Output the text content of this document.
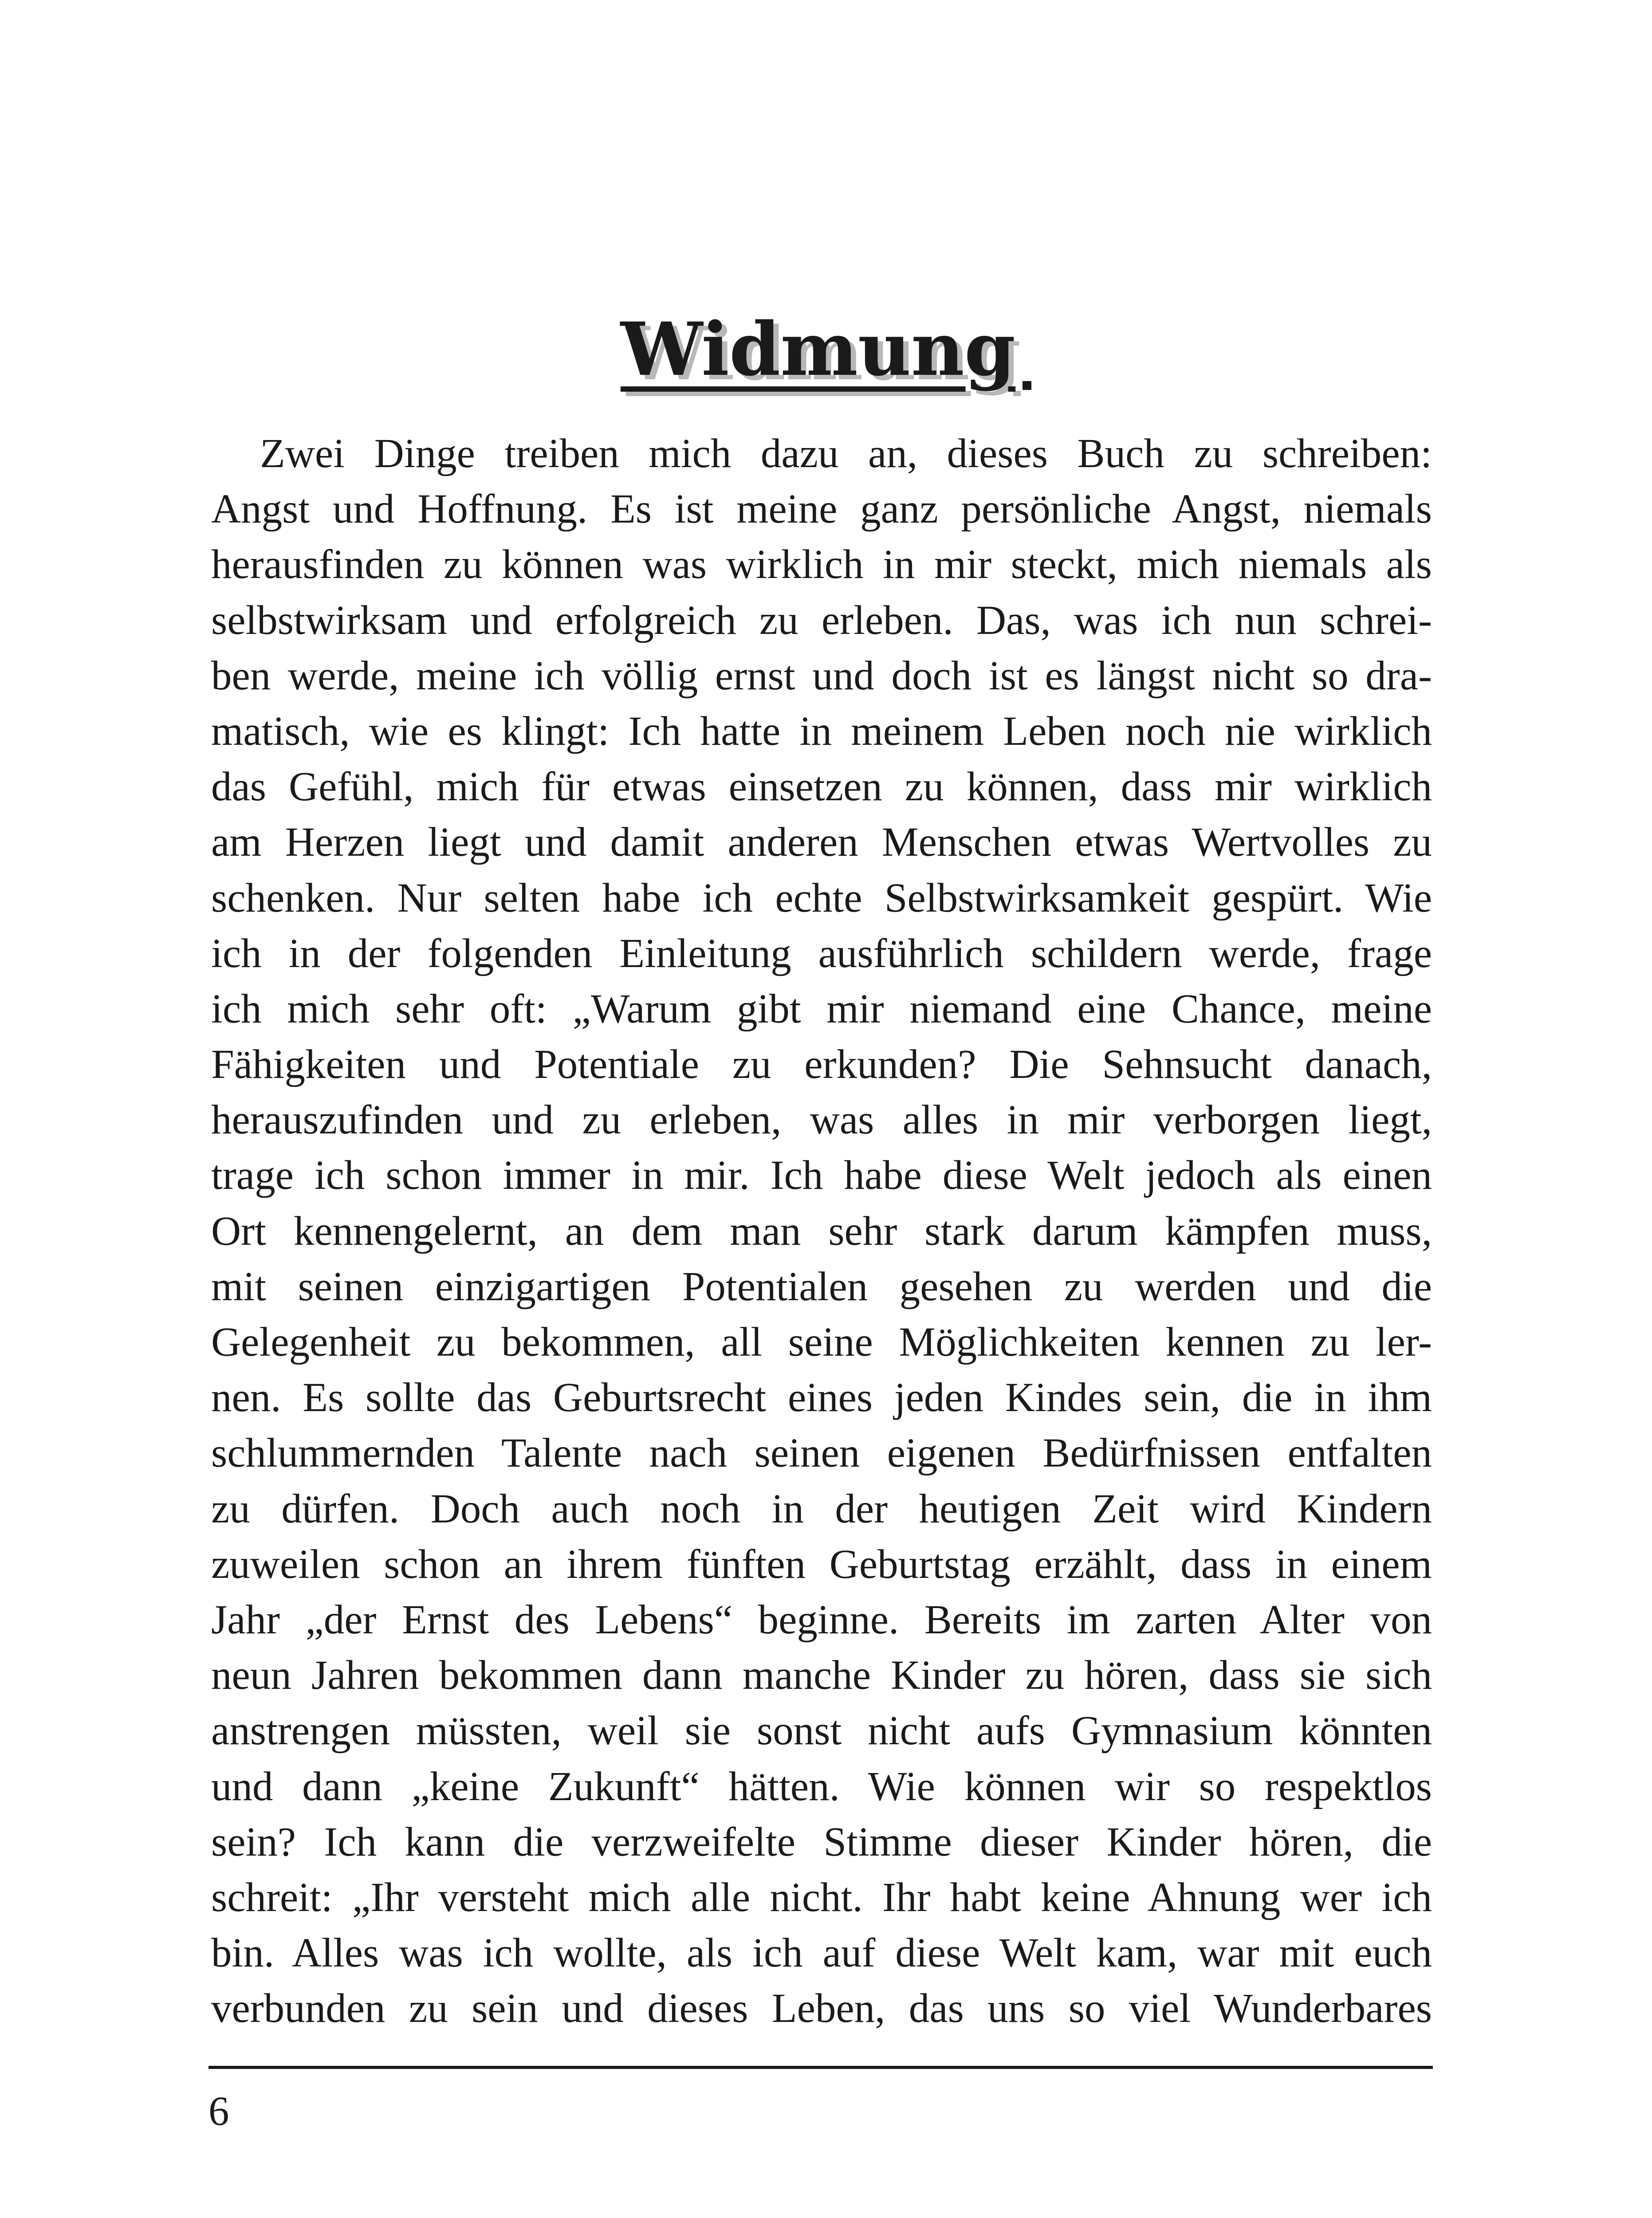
Widmung
Zwei Dinge treiben mich dazu an, dieses Buch zu schreiben:
Angst und Hoffnung. Es ist meine ganz persönliche Angst, niemals
herausfinden zu können was wirklich in mir steckt, mich niemals als
selbstwirksam und erfolgreich zu erleben. Das, was ich nun schrei-
ben werde, meine ich völlig ernst und doch ist es längst nicht so dra-
matisch, wie es klingt: Ich hatte in meinem Leben noch nie wirklich
das Gefühl, mich für etwas einsetzen zu können, dass mir wirklich
am Herzen liegt und damit anderen Menschen etwas Wertvolles zu
schenken. Nur selten habe ich echte Selbstwirksamkeit gespürt. Wie
ich in der folgenden Einleitung ausführlich schildern werde, frage
ich mich sehr oft: „Warum gibt mir niemand eine Chance, meine
Fähigkeiten und Potentiale zu erkunden? Die Sehnsucht danach,
herauszufinden und zu erleben, was alles in mir verborgen liegt,
trage ich schon immer in mir. Ich habe diese Welt jedoch als einen
Ort kennengelernt, an dem man sehr stark darum kämpfen muss,
mit seinen einzigartigen Potentialen gesehen zu werden und die
Gelegenheit zu bekommen, all seine Möglichkeiten kennen zu ler-
nen. Es sollte das Geburtsrecht eines jeden Kindes sein, die in ihm
schlummernden Talente nach seinen eigenen Bedürfnissen entfalten
zu dürfen. Doch auch noch in der heutigen Zeit wird Kindern
zuweilen schon an ihrem fünften Geburtstag erzählt, dass in einem
Jahr „der Ernst des Lebens“ beginne. Bereits im zarten Alter von
neun Jahren bekommen dann manche Kinder zu hören, dass sie sich
anstrengen müssten, weil sie sonst nicht aufs Gymnasium könnten
und dann „keine Zukunft“ hätten. Wie können wir so respektlos
sein? Ich kann die verzweifelte Stimme dieser Kinder hören, die
schreit: „Ihr versteht mich alle nicht. Ihr habt keine Ahnung wer ich
bin. Alles was ich wollte, als ich auf diese Welt kam, war mit euch
verbunden zu sein und dieses Leben, das uns so viel Wunderbares
6
